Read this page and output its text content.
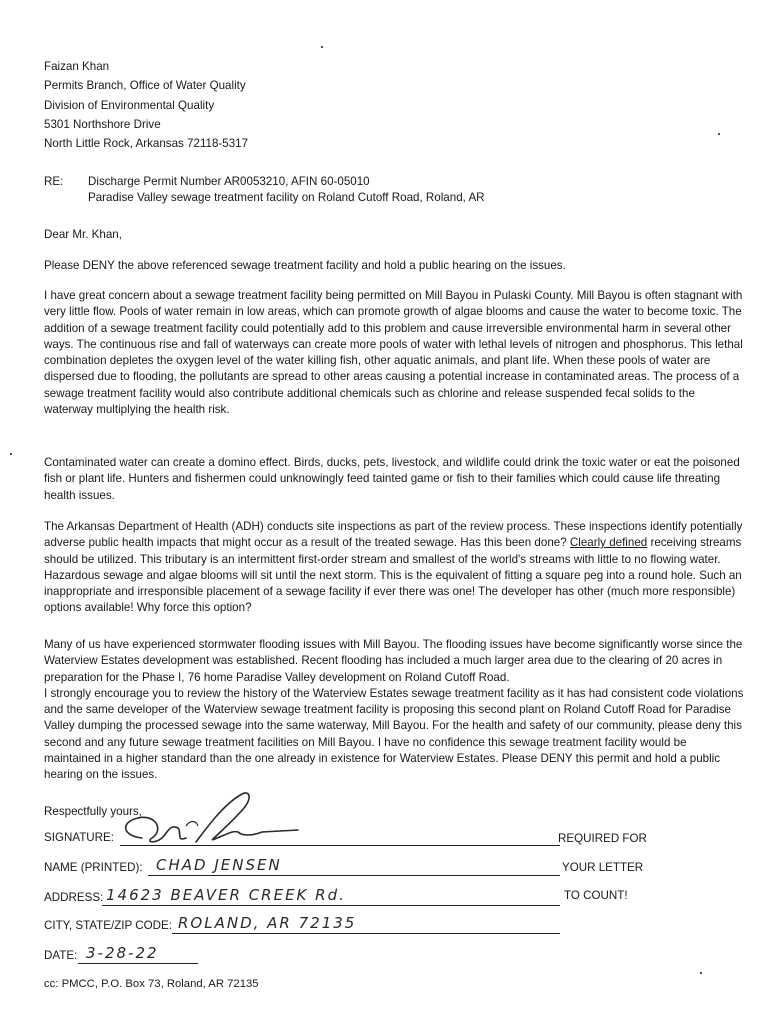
Faizan Khan
Permits Branch, Office of Water Quality
Division of Environmental Quality
5301 Northshore Drive
North Little Rock, Arkansas 72118-5317
RE: Discharge Permit Number AR0053210, AFIN 60-05010
Paradise Valley sewage treatment facility on Roland Cutoff Road, Roland, AR
Dear Mr. Khan,
Please DENY the above referenced sewage treatment facility and hold a public hearing on the issues.
I have great concern about a sewage treatment facility being permitted on Mill Bayou in Pulaski County. Mill Bayou is often stagnant with very little flow. Pools of water remain in low areas, which can promote growth of algae blooms and cause the water to become toxic. The addition of a sewage treatment facility could potentially add to this problem and cause irreversible environmental harm in several other ways. The continuous rise and fall of waterways can create more pools of water with lethal levels of nitrogen and phosphorus. This lethal combination depletes the oxygen level of the water killing fish, other aquatic animals, and plant life. When these pools of water are dispersed due to flooding, the pollutants are spread to other areas causing a potential increase in contaminated areas. The process of a sewage treatment facility would also contribute additional chemicals such as chlorine and release suspended fecal solids to the waterway multiplying the health risk.
Contaminated water can create a domino effect. Birds, ducks, pets, livestock, and wildlife could drink the toxic water or eat the poisoned fish or plant life. Hunters and fishermen could unknowingly feed tainted game or fish to their families which could cause life threating health issues.
The Arkansas Department of Health (ADH) conducts site inspections as part of the review process. These inspections identify potentially adverse public health impacts that might occur as a result of the treated sewage. Has this been done? Clearly defined receiving streams should be utilized. This tributary is an intermittent first-order stream and smallest of the world's streams with little to no flowing water. Hazardous sewage and algae blooms will sit until the next storm. This is the equivalent of fitting a square peg into a round hole. Such an inappropriate and irresponsible placement of a sewage facility if ever there was one! The developer has other (much more responsible) options available! Why force this option?
Many of us have experienced stormwater flooding issues with Mill Bayou. The flooding issues have become significantly worse since the Waterview Estates development was established. Recent flooding has included a much larger area due to the clearing of 20 acres in preparation for the Phase I, 76 home Paradise Valley development on Roland Cutoff Road.
I strongly encourage you to review the history of the Waterview Estates sewage treatment facility as it has had consistent code violations and the same developer of the Waterview sewage treatment facility is proposing this second plant on Roland Cutoff Road for Paradise Valley dumping the processed sewage into the same waterway, Mill Bayou. For the health and safety of our community, please deny this second and any future sewage treatment facilities on Mill Bayou. I have no confidence this sewage treatment facility would be maintained in a higher standard than the one already in existence for Waterview Estates. Please DENY this permit and hold a public hearing on the issues.
Respectfully yours,
SIGNATURE:
NAME (PRINTED): CHAD JENSEN
ADDRESS: 14623 BEAVER CREEK Rd.
CITY, STATE/ZIP CODE: ROLAND, AR 72135
DATE: 3-28-22
REQUIRED FOR
YOUR LETTER
TO COUNT!
cc: PMCC, P.O. Box 73, Roland, AR 72135
